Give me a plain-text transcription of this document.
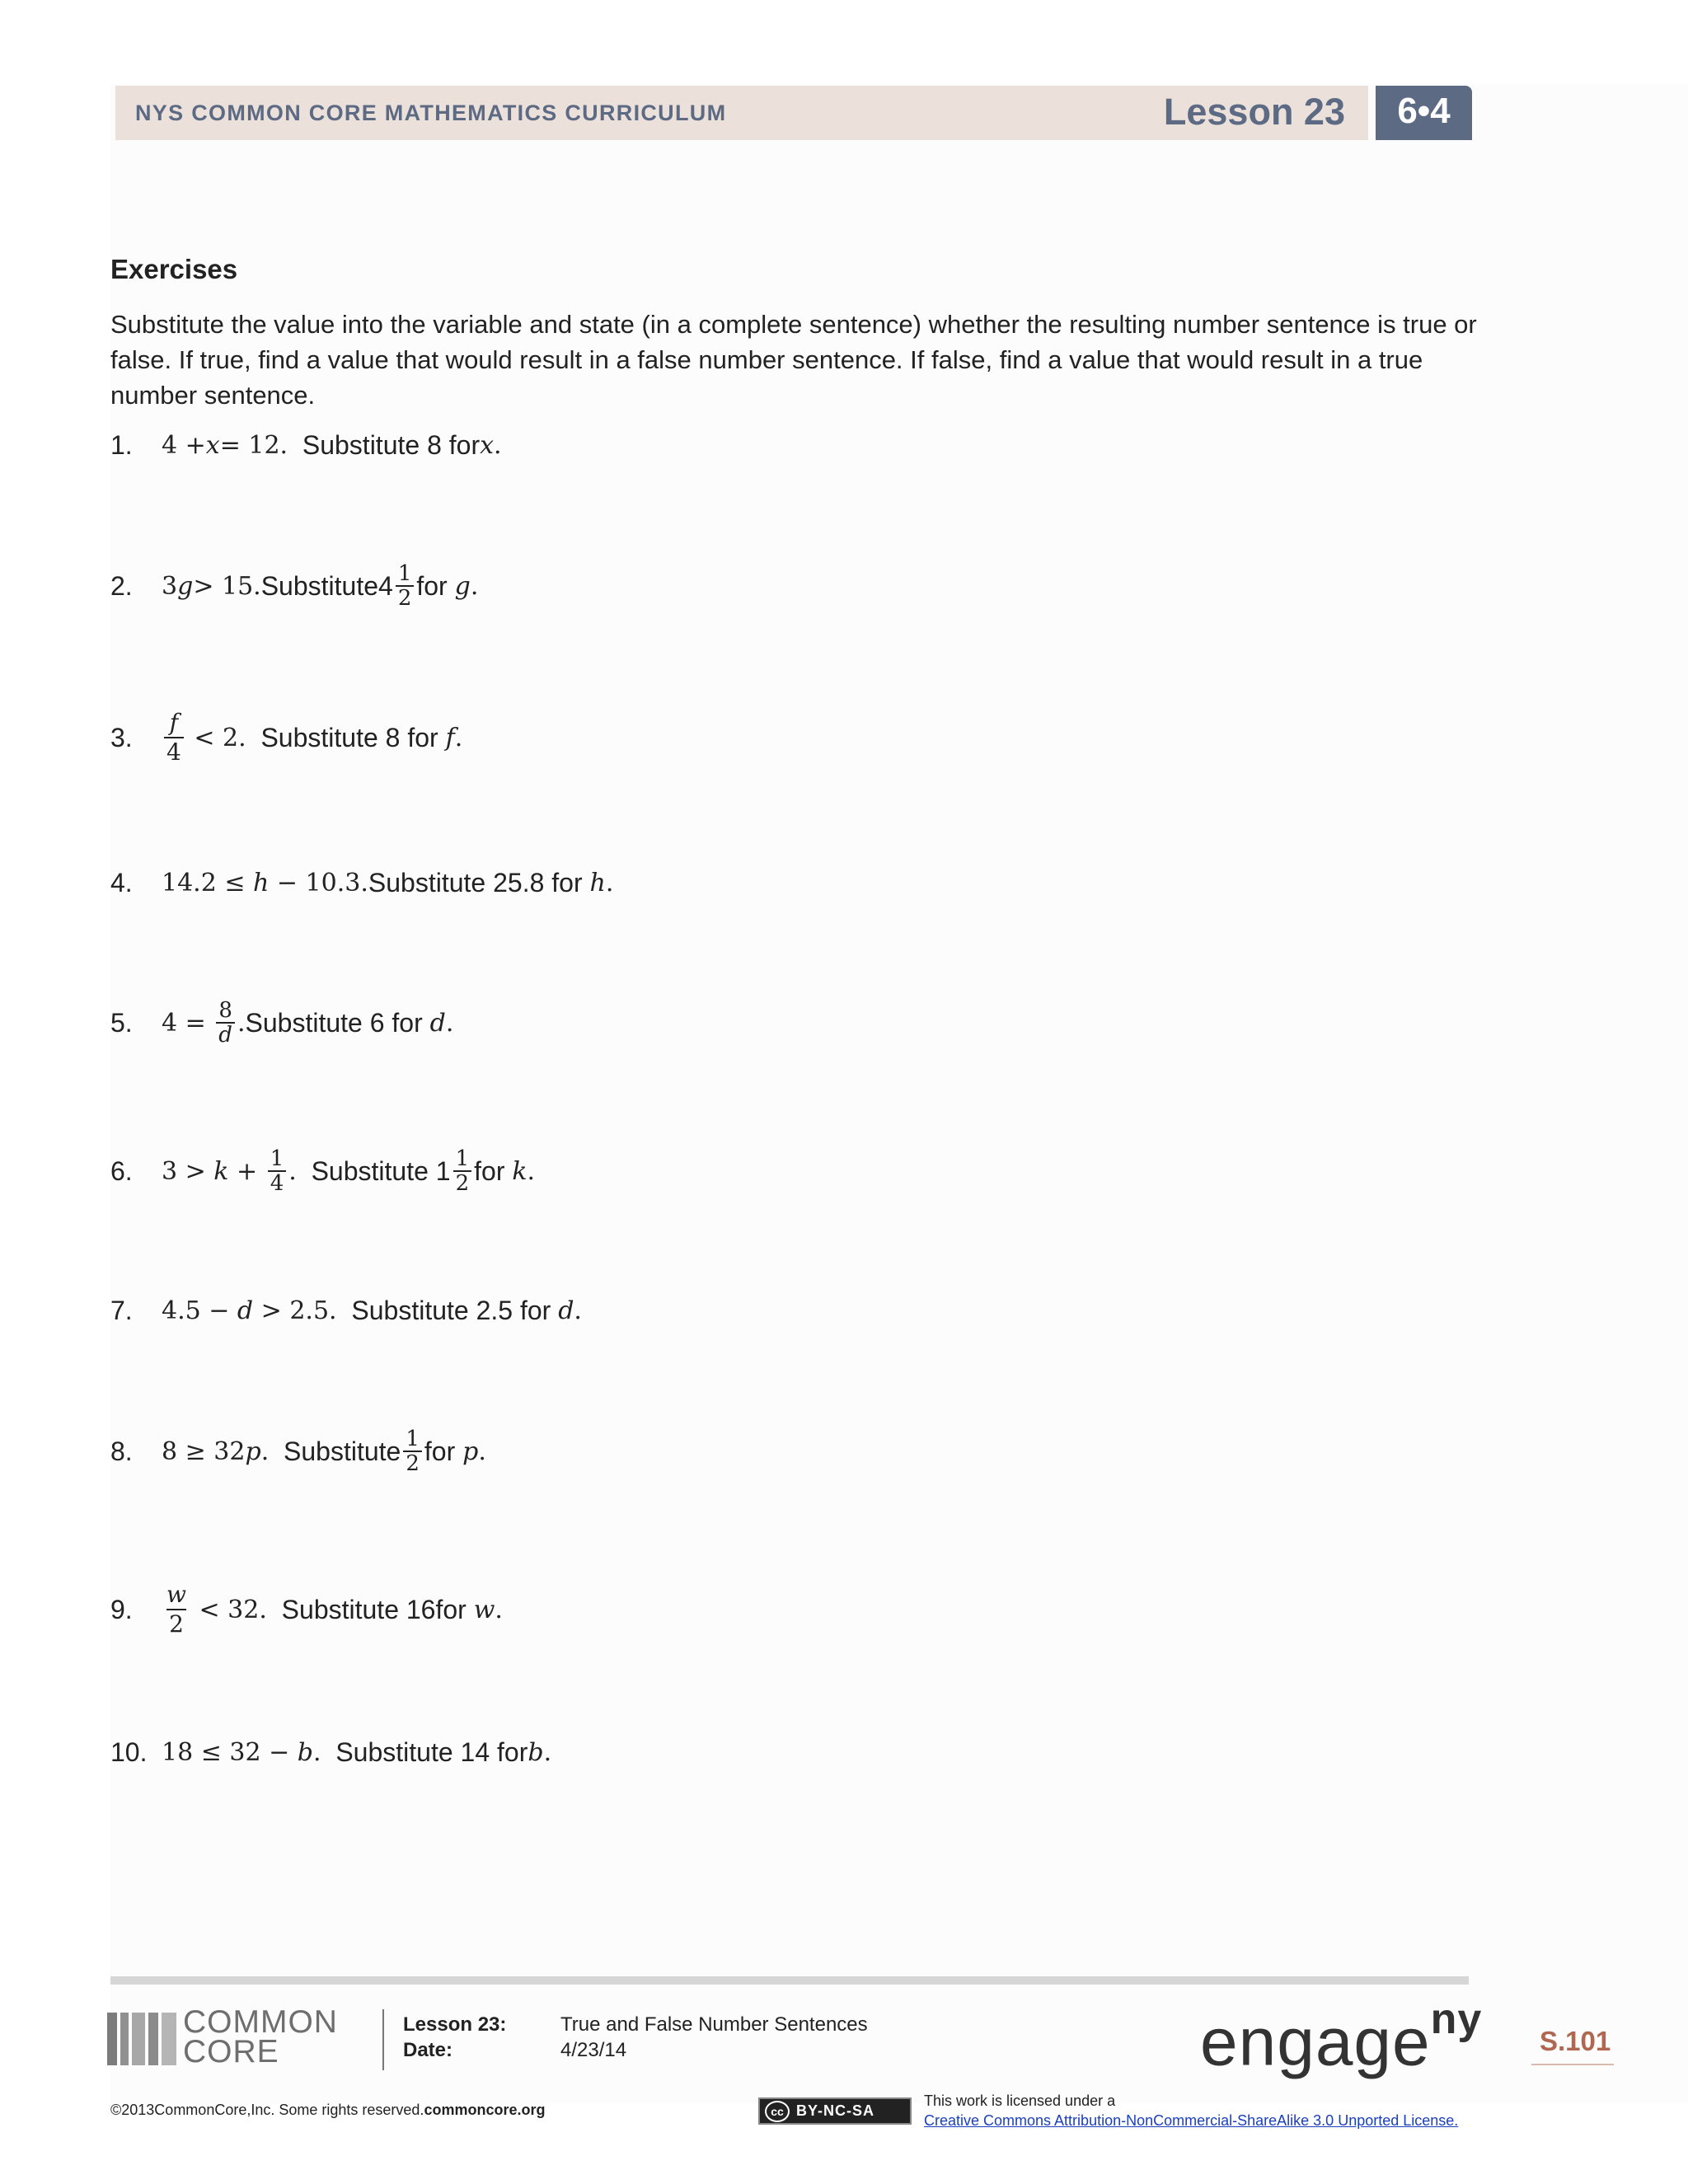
NYS COMMON CORE MATHEMATICS CURRICULUM	Lesson 23	6•4
Exercises
Substitute the value into the variable and state (in a complete sentence) whether the resulting number sentence is true or false. If true, find a value that would result in a false number sentence. If false, find a value that would result in a true number sentence.
1.	4 + x = 12. Substitute 8 for x .
2.	3 g > 15. Substitute $4 \frac{1}{2}$ for g .
3.	$\frac{f}{4} < 2$. Substitute 8 for f .
4.	14.2 ≤ h − 10.3. Substitute 25.8 for h .
5.	$4 = \frac{8}{d}$ . Substitute 6 for d .
6.	$3 > k + \frac{1}{4}$ . Substitute $1 \frac{1}{2}$ for k .
7.	4.5 − d > 2.5. Substitute 2.5 for d .
8.	8 ≥ 32 p . Substitute $\frac{1}{2}$ for p .
9.	$\frac{w}{2} < 32$. Substitute 16for w .
10. 18 ≤ 32 − b . Substitute 14 for b .
COMMON
CORE
Lesson 23:	True and False Number Sentences
Date:	4/23/14	engage$^{ny}$ S.101
©2013CommonCore,Inc. Some rights reserved.commoncore.org	cc BY-NC-SA
This work is licensed under a
Creative Commons Attribution-NonCommercial-ShareAlike 3.0 Unported License.
